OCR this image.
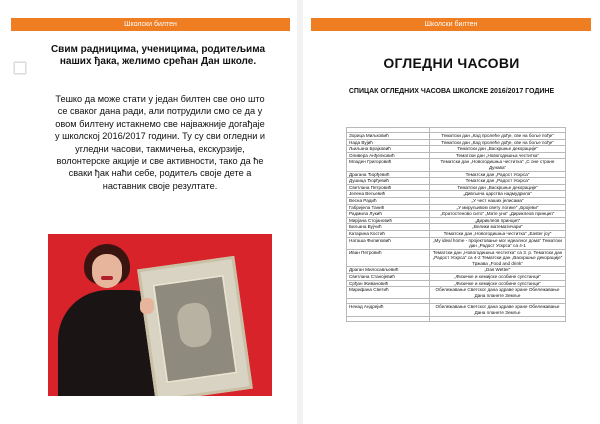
Школски билтен
Свим радницима, ученицима, родитељима наших ђака, желимо срећан Дан школе.
Тешко да може стати у један билтен све оно што се сваког дана ради, али потрудили смо се да у овом билтену истакнемо све најважније догађаје у школској 2016/2017 години. Ту су сви огледни и угледни часови, такмичења, екскурзије, волонтерске акције и све активности, тако да ће сваки ђак наћи себе, родитељ своје дете а наставник своје резултате.
Школски билтен
ОГЛЕДНИ ЧАСОВИ
СПИЦАК ОГЛЕДНИХ ЧАСОВА ШКОЛСКЕ 2016/2017 ГОДИНЕ

Зорица Миљковић	Тематски дан „Кад пролеће дође, све на боље пође“
Нада Вујић	Тематски дан „Кад пролеће дође, све на боље пође“
Љиљана Брајковић	Тематски дан „Васкршње декорације“
Оливера Анђелковић	Тематски дан „Новогодишња честитка“
Младен Григоровић	Тематски дан „Новогодишња честитка“ „С оне стране Дунава“
Драгана Ђорђевић	Тематски дан „Радост Ускрса“
Душица Ђорђевић	Тематски дан „Радост Ускрса“
Светлана Петровић	Тематски дан „Васкршње декорације“
Јелена Вељевић	„Дивљача царства надмудрила“
Весна Радић	„У чест наших јелисама“
Габријела Танић	„У мируљивом свету логике“ „Бројеви“
Радмила Лукић	„Ератостеново сито“ „Мате уна“ „Дириклеов принцип“
Мирјана Стојановић	„Дириклеов принцип“
Биљана Вујчић	„Велики математичари“
Катарина Костић	Тематски дан „Новогодишња честитка“ „Easter joy“
Наташа Филиповић	„My ideal home - пројектовање мог идеалног дома“ Тематски дан „Радост Ускрса“ са 4-1
Иван Петровић	Тематски дан „Новогодишња честитка“ са 3. р. Тематски дан „Радост Ускрса“ са 4-2 Тематски дан „Васкршње декорације“ Тржава „Food and drink“
Драган Милосављевић	„Das Wetter“
Светлана Станојевић	„Физичке и хемијске особине супстанци“
Срђан Живановић	„Физичке и хемијске особине супстанци“
Марифана Светић	Обележавање Светског дана здраве хране Обележавање Дана планете Земље

Ненад Андрејић	Обележавање Светског дана здраве хране Обележавање Дана планете Земље
